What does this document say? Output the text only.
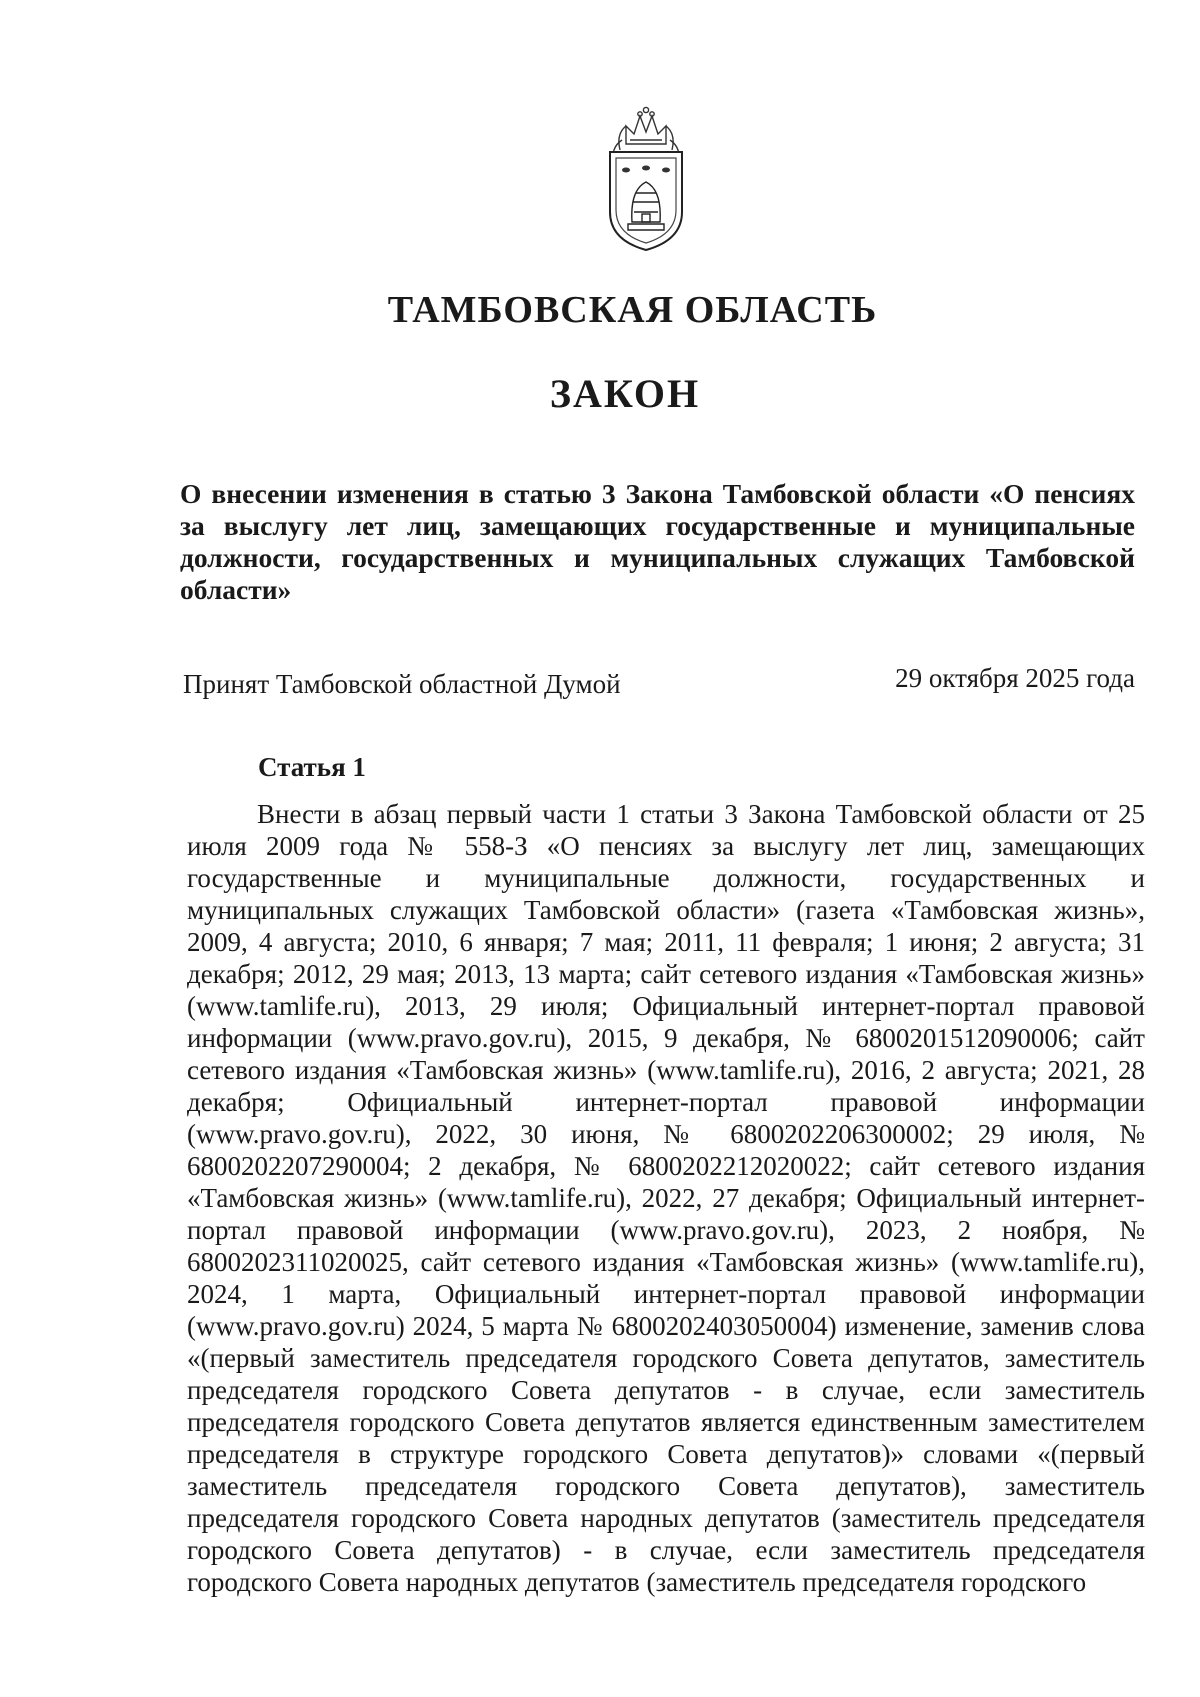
ТАМБОВСКАЯ ОБЛАСТЬ
ЗАКОН
О внесении изменения в статью 3 Закона Тамбовской области «О пенсиях за выслугу лет лиц, замещающих государственные и муниципальные должности, государственных и муниципальных служащих Тамбовской области»
Принят Тамбовской областной Думой	29 октября 2025 года
Статья 1

Внести в абзац первый части 1 статьи 3 Закона Тамбовской области от 25 июля 2009 года № 558-З «О пенсиях за выслугу лет лиц, замещающих государственные и муниципальные должности, государственных и муниципальных служащих Тамбовской области» (газета «Тамбовская жизнь», 2009, 4 августа; 2010, 6 января; 7 мая; 2011, 11 февраля; 1 июня; 2 августа; 31 декабря; 2012, 29 мая; 2013, 13 марта; сайт сетевого издания «Тамбовская жизнь» (www.tamlife.ru), 2013, 29 июля; Официальный интернет-портал правовой информации (www.pravo.gov.ru), 2015, 9 декабря, № 6800201512090006; сайт сетевого издания «Тамбовская жизнь» (www.tamlife.ru), 2016, 2 августа; 2021, 28 декабря; Официальный интернет-портал правовой информации (www.pravo.gov.ru), 2022, 30 июня, № 6800202206300002; 29 июля, № 6800202207290004; 2 декабря, № 6800202212020022; сайт сетевого издания «Тамбовская жизнь» (www.tamlife.ru), 2022, 27 декабря; Официальный интернет-портал правовой информации (www.pravo.gov.ru), 2023, 2 ноября, № 6800202311020025, сайт сетевого издания «Тамбовская жизнь» (www.tamlife.ru), 2024, 1 марта, Официальный интернет-портал правовой информации (www.pravo.gov.ru) 2024, 5 марта № 6800202403050004) изменение, заменив слова «(первый заместитель председателя городского Совета депутатов, заместитель председателя городского Совета депутатов - в случае, если заместитель председателя городского Совета депутатов является единственным заместителем председателя в структуре городского Совета депутатов)» словами «(первый заместитель председателя городского Совета депутатов), заместитель председателя городского Совета народных депутатов (заместитель председателя городского Совета депутатов) - в случае, если заместитель председателя городского Совета народных депутатов (заместитель председателя городского
